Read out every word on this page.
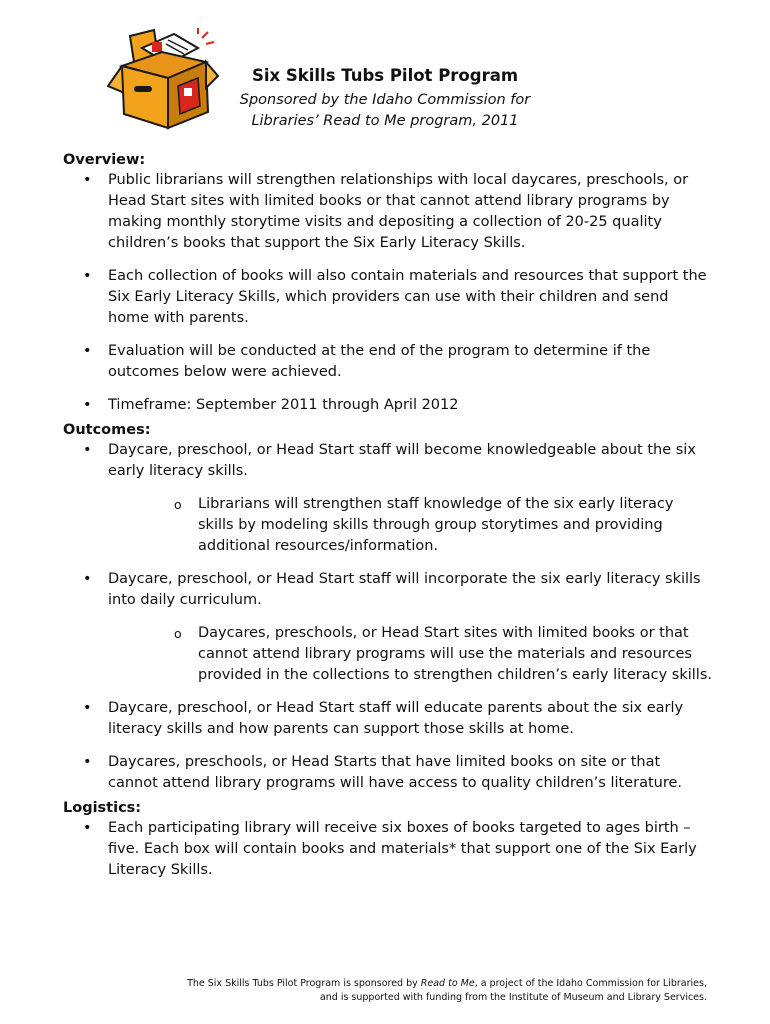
Six Skills Tubs Pilot Program
Sponsored by the Idaho Commission for
Libraries’ Read to Me program, 2011
Overview:
• Public librarians will strengthen relationships with local daycares, preschools, or Head Start sites with limited books or that cannot attend library programs by making monthly storytime visits and depositing a collection of 20-25 quality children’s books that support the Six Early Literacy Skills.
• Each collection of books will also contain materials and resources that support the Six Early Literacy Skills, which providers can use with their children and send home with parents.
• Evaluation will be conducted at the end of the program to determine if the outcomes below were achieved.
• Timeframe: September 2011 through April 2012
Outcomes:
• Daycare, preschool, or Head Start staff will become knowledgeable about the six early literacy skills.
o Librarians will strengthen staff knowledge of the six early literacy skills by modeling skills through group storytimes and providing additional resources/information.
• Daycare, preschool, or Head Start staff will incorporate the six early literacy skills into daily curriculum.
o Daycares, preschools, or Head Start sites with limited books or that cannot attend library programs will use the materials and resources provided in the collections to strengthen children’s early literacy skills.
• Daycare, preschool, or Head Start staff will educate parents about the six early literacy skills and how parents can support those skills at home.
• Daycares, preschools, or Head Starts that have limited books on site or that cannot attend library programs will have access to quality children’s literature.
Logistics:
• Each participating library will receive six boxes of books targeted to ages birth – five. Each box will contain books and materials* that support one of the Six Early Literacy Skills.
The Six Skills Tubs Pilot Program is sponsored by Read to Me, a project of the Idaho Commission for Libraries,
and is supported with funding from the Institute of Museum and Library Services.
